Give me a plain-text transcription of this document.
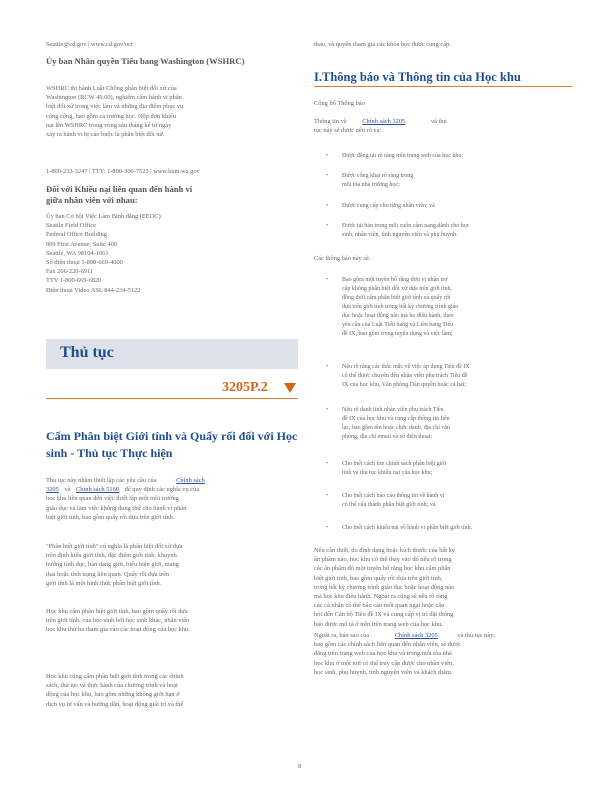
Seattle@cd.gov | www.cd.gov/ocr
Ủy ban Nhân quyền Tiểu bang Washington (WSHRC)
WSHRC thi hành Luật Chống phân biệt đối xử của
Washington (RCW 49.60), nghiêm cấm hành vi phân
biệt đối xử trong việc làm và những địa điểm phục vụ
công cộng, bao gồm cả trường học. Nộp đơn khiếu
nại lên WSHRC trong vòng sáu tháng kể từ ngày
xảy ra hành vi bị cáo buộc là phân biệt đối xử.
1-800-233-3247 | TTY: 1-800-300-7525 | www.hum.wa.gov
Đối với Khiếu nại liên quan đến hành vi giữa nhân viên với nhau:
Ủy ban Cơ hội Việc Làm Bình đẳng (EEOC)
Seattle Field Office
Federal Office Building
909 First Avenue, Suite 400
Seattle, WA 98104-1061
Số điện thoại 1-800-669-4000
Fax 206-220-6911
TTY 1-800-669-6820
Điện thoại Video ASL 844-234-5122
Thủ tục
3205P.2
Cấm Phân biệt Giới tính và Quấy rối đối với Học sinh - Thủ tục Thực hiện
Thủ tục này nhằm thiết lập các yêu cầu của	Chính sách
3205 và Chính sách 5160 để quy định các nghĩa vụ của
học khu liên quan đến việc thiết lập một môi trường
giáo dục và làm việc không dung thứ cho hành vi phân
biệt giới tính, bao gồm quấy rối dựa trên giới tính.
"Phân biệt giới tính" có nghĩa là phân biệt đối xử dựa
trên định kiến giới tính, đặc điểm giới tính, khuynh
hướng tình dục, bản dạng giới, biểu hiện giới, mang
thai hoặc tình trạng liên quan. Quấy rối dựa trên
giới tính là một hình thức phân biệt giới tính.
Học khu cấm phân biệt giới tính, bao gồm quấy rối dựa
trên giới tính, của học sinh bởi học sinh khác, nhân viên
học khu thứ ba tham gia vào các hoạt động của học khu.
Học khu cũng cấm phân biệt giới tính trong các chính
sách, thủ tục và thực hành của chương trình và hoạt
động của học khu, bao gồm những không giới hạn ở
dịch vụ tư vấn và hướng dẫn, hoạt động giải trí và thể
thao, và quyền tham gia các khóa học được cung cấp.
I.Thông báo và Thông tin của Học khu
Công bố Thông báo
Thông tin về Chính sách 3205	và thủ
tục này sẽ được nêu rõ và:
• Được đăng tải rõ ràng trên trang web của học khu;
• Được công khai rõ ràng trong
mỗi tòa nhà trường học;
• Được cung cấp cho từng nhân viên; và
• Được tải bản trong mỗi cuốn cẩm nang dành cho học
sinh, nhân viên, tình nguyện viên và phụ huynh.
Các thông báo này sẽ:
• Bao gồm một tuyên bố rằng đơn vị nhận trợ
cấp không phân biệt đối xử dựa trên giới tính,
đồng thời cấm phân biệt giới tính và quấy rối
dựa trên giới tính trong bất kỳ chương trình giáo
dục hoặc hoạt động nào mà họ điều hành, theo
yêu cầu của Luật Tiểu bang và Liên bang Tiểu
đề IX, bao gồm trong tuyển dụng và việc làm;
• Nêu rõ rằng các thắc mắc về việc áp dụng Tiêu đề IX
có thể được chuyển đến nhân viên phụ trách Tiêu đề
IX của học khu, Văn phòng Dân quyền hoặc cả hai;
• Nêu rõ danh tính nhân viên phụ trách Tiêu
đề IX của học khu và cung cấp thông tin liên
lạc, bao gồm tên hoặc chức danh, địa chỉ văn
phòng, địa chỉ email và số điện thoại;
• Cho biết cách tìm chính sách phân biệt giới
tính và thủ tục khiếu nại của học khu;
• Cho biết cách báo cáo thông tin về hành vi
có thể cấu thành phân biệt giới tính; và
• Cho biết cách khiếu nại về hành vi phân biệt giới tính.
Nếu cần thiết, do định dạng hoặc kích thước của bất kỳ
ấn phẩm nào, học khu có thể thay vào đó nêu rõ trong
các ấn phẩm đó một tuyên bố rằng học khu cấm phân
biệt giới tính, bao gồm quấy rối dựa trên giới tính,
trong bất kỳ chương trình giáo dục hoặc hoạt động nào
mà học khu điều hành. Ngoài ra cũng sẽ nêu rõ ràng
các cá nhân có thể báo cáo mối quan ngại hoặc câu
hỏi đến Cán bộ Tiêu đề IX và cung cấp vị trí đặt thông
báo được mô tả ở trên trên trang web của học khu.
Ngoài ra, bản sao của	Chính sách 3205	và thủ tục này;
bao gồm các chính sách liên quan đến nhân viên, sẽ được
đăng trên trang web của học khu và trong mỗi tòa nhà
học khu ở một nơi có thể truy cập được cho nhân viên,
học sinh, phụ huynh, tình nguyện viên và khách thăm.
8
